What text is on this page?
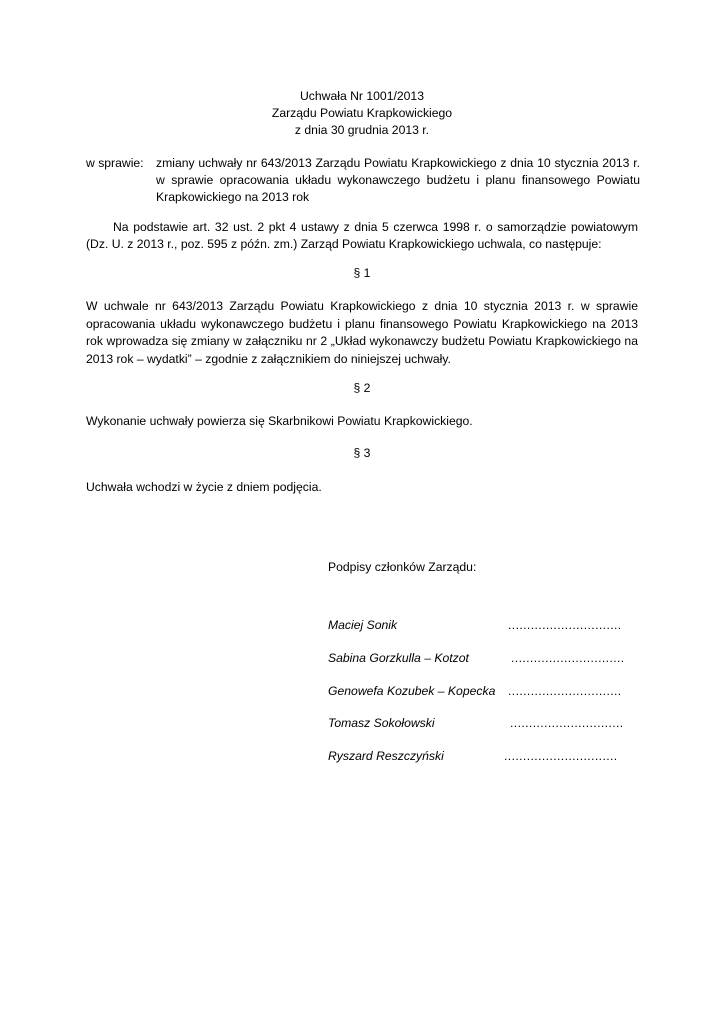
Uchwała Nr 1001/2013
Zarządu Powiatu Krapkowickiego
z dnia 30 grudnia 2013 r.
w sprawie: zmiany uchwały nr 643/2013 Zarządu Powiatu Krapkowickiego z dnia 10 stycznia 2013 r. w sprawie opracowania układu wykonawczego budżetu i planu finansowego Powiatu Krapkowickiego na 2013 rok
Na podstawie art. 32 ust. 2 pkt 4 ustawy z dnia 5 czerwca 1998 r. o samorządzie powiatowym (Dz. U. z 2013 r., poz. 595 z późn. zm.) Zarząd Powiatu Krapkowickiego uchwala, co następuje:
§ 1
W uchwale nr 643/2013 Zarządu Powiatu Krapkowickiego z dnia 10 stycznia 2013 r. w sprawie opracowania układu wykonawczego budżetu i planu finansowego Powiatu Krapkowickiego na 2013 rok wprowadza się zmiany w załączniku nr 2 „Układ wykonawczy budżetu Powiatu Krapkowickiego na 2013 rok – wydatki” – zgodnie z załącznikiem do niniejszej uchwały.
§ 2
Wykonanie uchwały powierza się Skarbnikowi Powiatu Krapkowickiego.
§ 3
Uchwała wchodzi w życie z dniem podjęcia.
Podpisy członków Zarządu:
Maciej Sonik	..............................
Sabina Gorzkulla – Kotzot	..............................
Genowefa Kozubek – Kopecka ..............................
Tomasz Sokołowski	..............................
Ryszard Reszczyński	..............................
